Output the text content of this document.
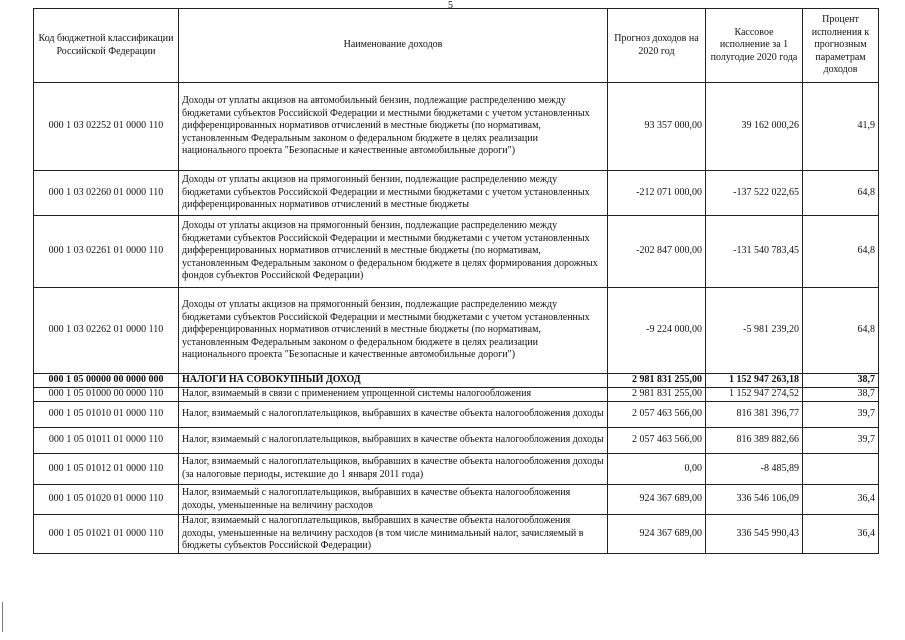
5
Код бюджетной классификации Российской Федерации	Наименование доходов	Прогноз доходов на 2020 год	Кассовое исполнение за 1 полугодие 2020 года	Процент исполнения к прогнозным параметрам доходов
000 1 03 02252 01 0000 110	Доходы от уплаты акцизов на автомобильный бензин, подлежащие распределению между бюджетами субъектов Российской Федерации и местными бюджетами с учетом установленных дифференцированных нормативов отчислений в местные бюджеты (по нормативам, установленным Федеральным законом о федеральном бюджете в целях реализации национального проекта "Безопасные и качественные автомобильные дороги")	93 357 000,00	39 162 000,26	41,9
000 1 03 02260 01 0000 110	Доходы от уплаты акцизов на прямогонный бензин, подлежащие распределению между бюджетами субъектов Российской Федерации и местными бюджетами с учетом установленных дифференцированных нормативов отчислений в местные бюджеты	-212 071 000,00	-137 522 022,65	64,8
000 1 03 02261 01 0000 110	Доходы от уплаты акцизов на прямогонный бензин, подлежащие распределению между бюджетами субъектов Российской Федерации и местными бюджетами с учетом установленных дифференцированных нормативов отчислений в местные бюджеты (по нормативам, установленным Федеральным законом о федеральном бюджете в целях формирования дорожных фондов субъектов Российской Федерации)	-202 847 000,00	-131 540 783,45	64,8
000 1 03 02262 01 0000 110	Доходы от уплаты акцизов на прямогонный бензин, подлежащие распределению между бюджетами субъектов Российской Федерации и местными бюджетами с учетом установленных дифференцированных нормативов отчислений в местные бюджеты (по нормативам, установленным Федеральным законом о федеральном бюджете в целях реализации национального проекта "Безопасные и качественные автомобильные дороги")	-9 224 000,00	-5 981 239,20	64,8
000 1 05 00000 00 0000 000	НАЛОГИ НА СОВОКУПНЫЙ ДОХОД	2 981 831 255,00	1 152 947 263,18	38,7
000 1 05 01000 00 0000 110	Налог, взимаемый в связи с применением упрощенной системы налогообложения	2 981 831 255,00	1 152 947 274,52	38,7
000 1 05 01010 01 0000 110	Налог, взимаемый с налогоплательщиков, выбравших в качестве объекта налогообложения доходы	2 057 463 566,00	816 381 396,77	39,7
000 1 05 01011 01 0000 110	Налог, взимаемый с налогоплательщиков, выбравших в качестве объекта налогообложения доходы	2 057 463 566,00	816 389 882,66	39,7
000 1 05 01012 01 0000 110	Налог, взимаемый с налогоплательщиков, выбравших в качестве объекта налогообложения доходы (за налоговые периоды, истекшие до 1 января 2011 года)	0,00	-8 485,89	
000 1 05 01020 01 0000 110	Налог, взимаемый с налогоплательщиков, выбравших в качестве объекта налогообложения доходы, уменьшенные на величину расходов	924 367 689,00	336 546 106,09	36,4
000 1 05 01021 01 0000 110	Налог, взимаемый с налогоплательщиков, выбравших в качестве объекта налогообложения доходы, уменьшенные на величину расходов (в том числе минимальный налог, зачисляемый в бюджеты субъектов Российской Федерации)	924 367 689,00	336 545 990,43	36,4
